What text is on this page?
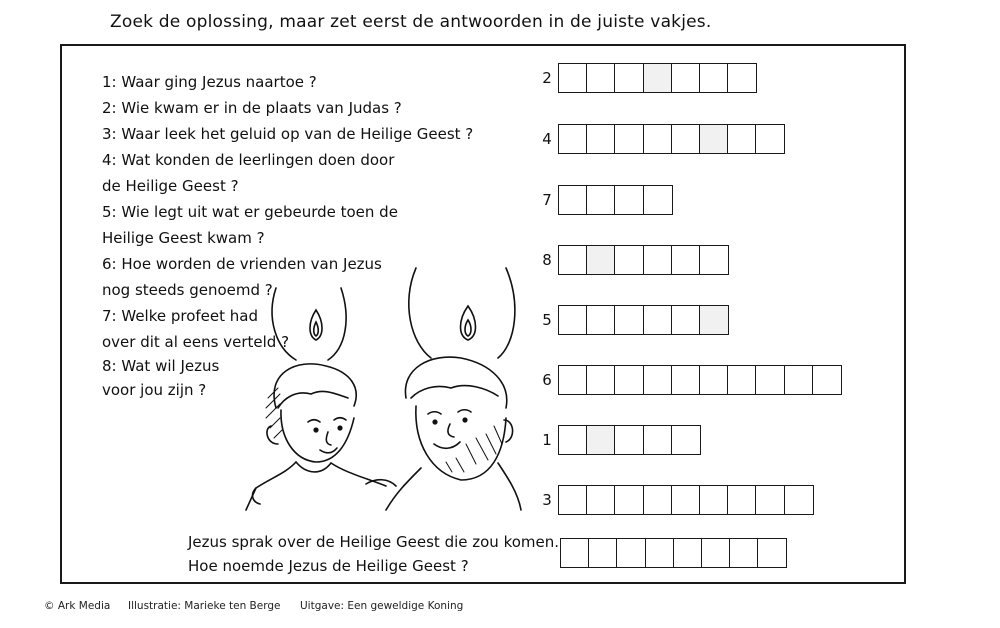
Zoek de oplossing, maar zet eerst de antwoorden in de juiste vakjes.
1: Waar ging Jezus naartoe ?
2: Wie kwam er in de plaats van Judas ?
3: Waar leek het geluid op van de Heilige Geest ?
4: Wat konden de leerlingen doen door
de Heilige Geest ?
5: Wie legt uit wat er gebeurde toen de
Heilige Geest kwam ?
6: Hoe worden de vrienden van Jezus
nog steeds genoemd ?
7: Welke profeet had
over dit al eens verteld ?
8: Wat wil Jezus
voor jou zijn ?
2
4
7
8
5
6
1
3
Jezus sprak over de Heilige Geest die zou komen.
Hoe noemde Jezus de Heilige Geest ?
© Ark Media Illustratie: Marieke ten Berge Uitgave: Een geweldige Koning
